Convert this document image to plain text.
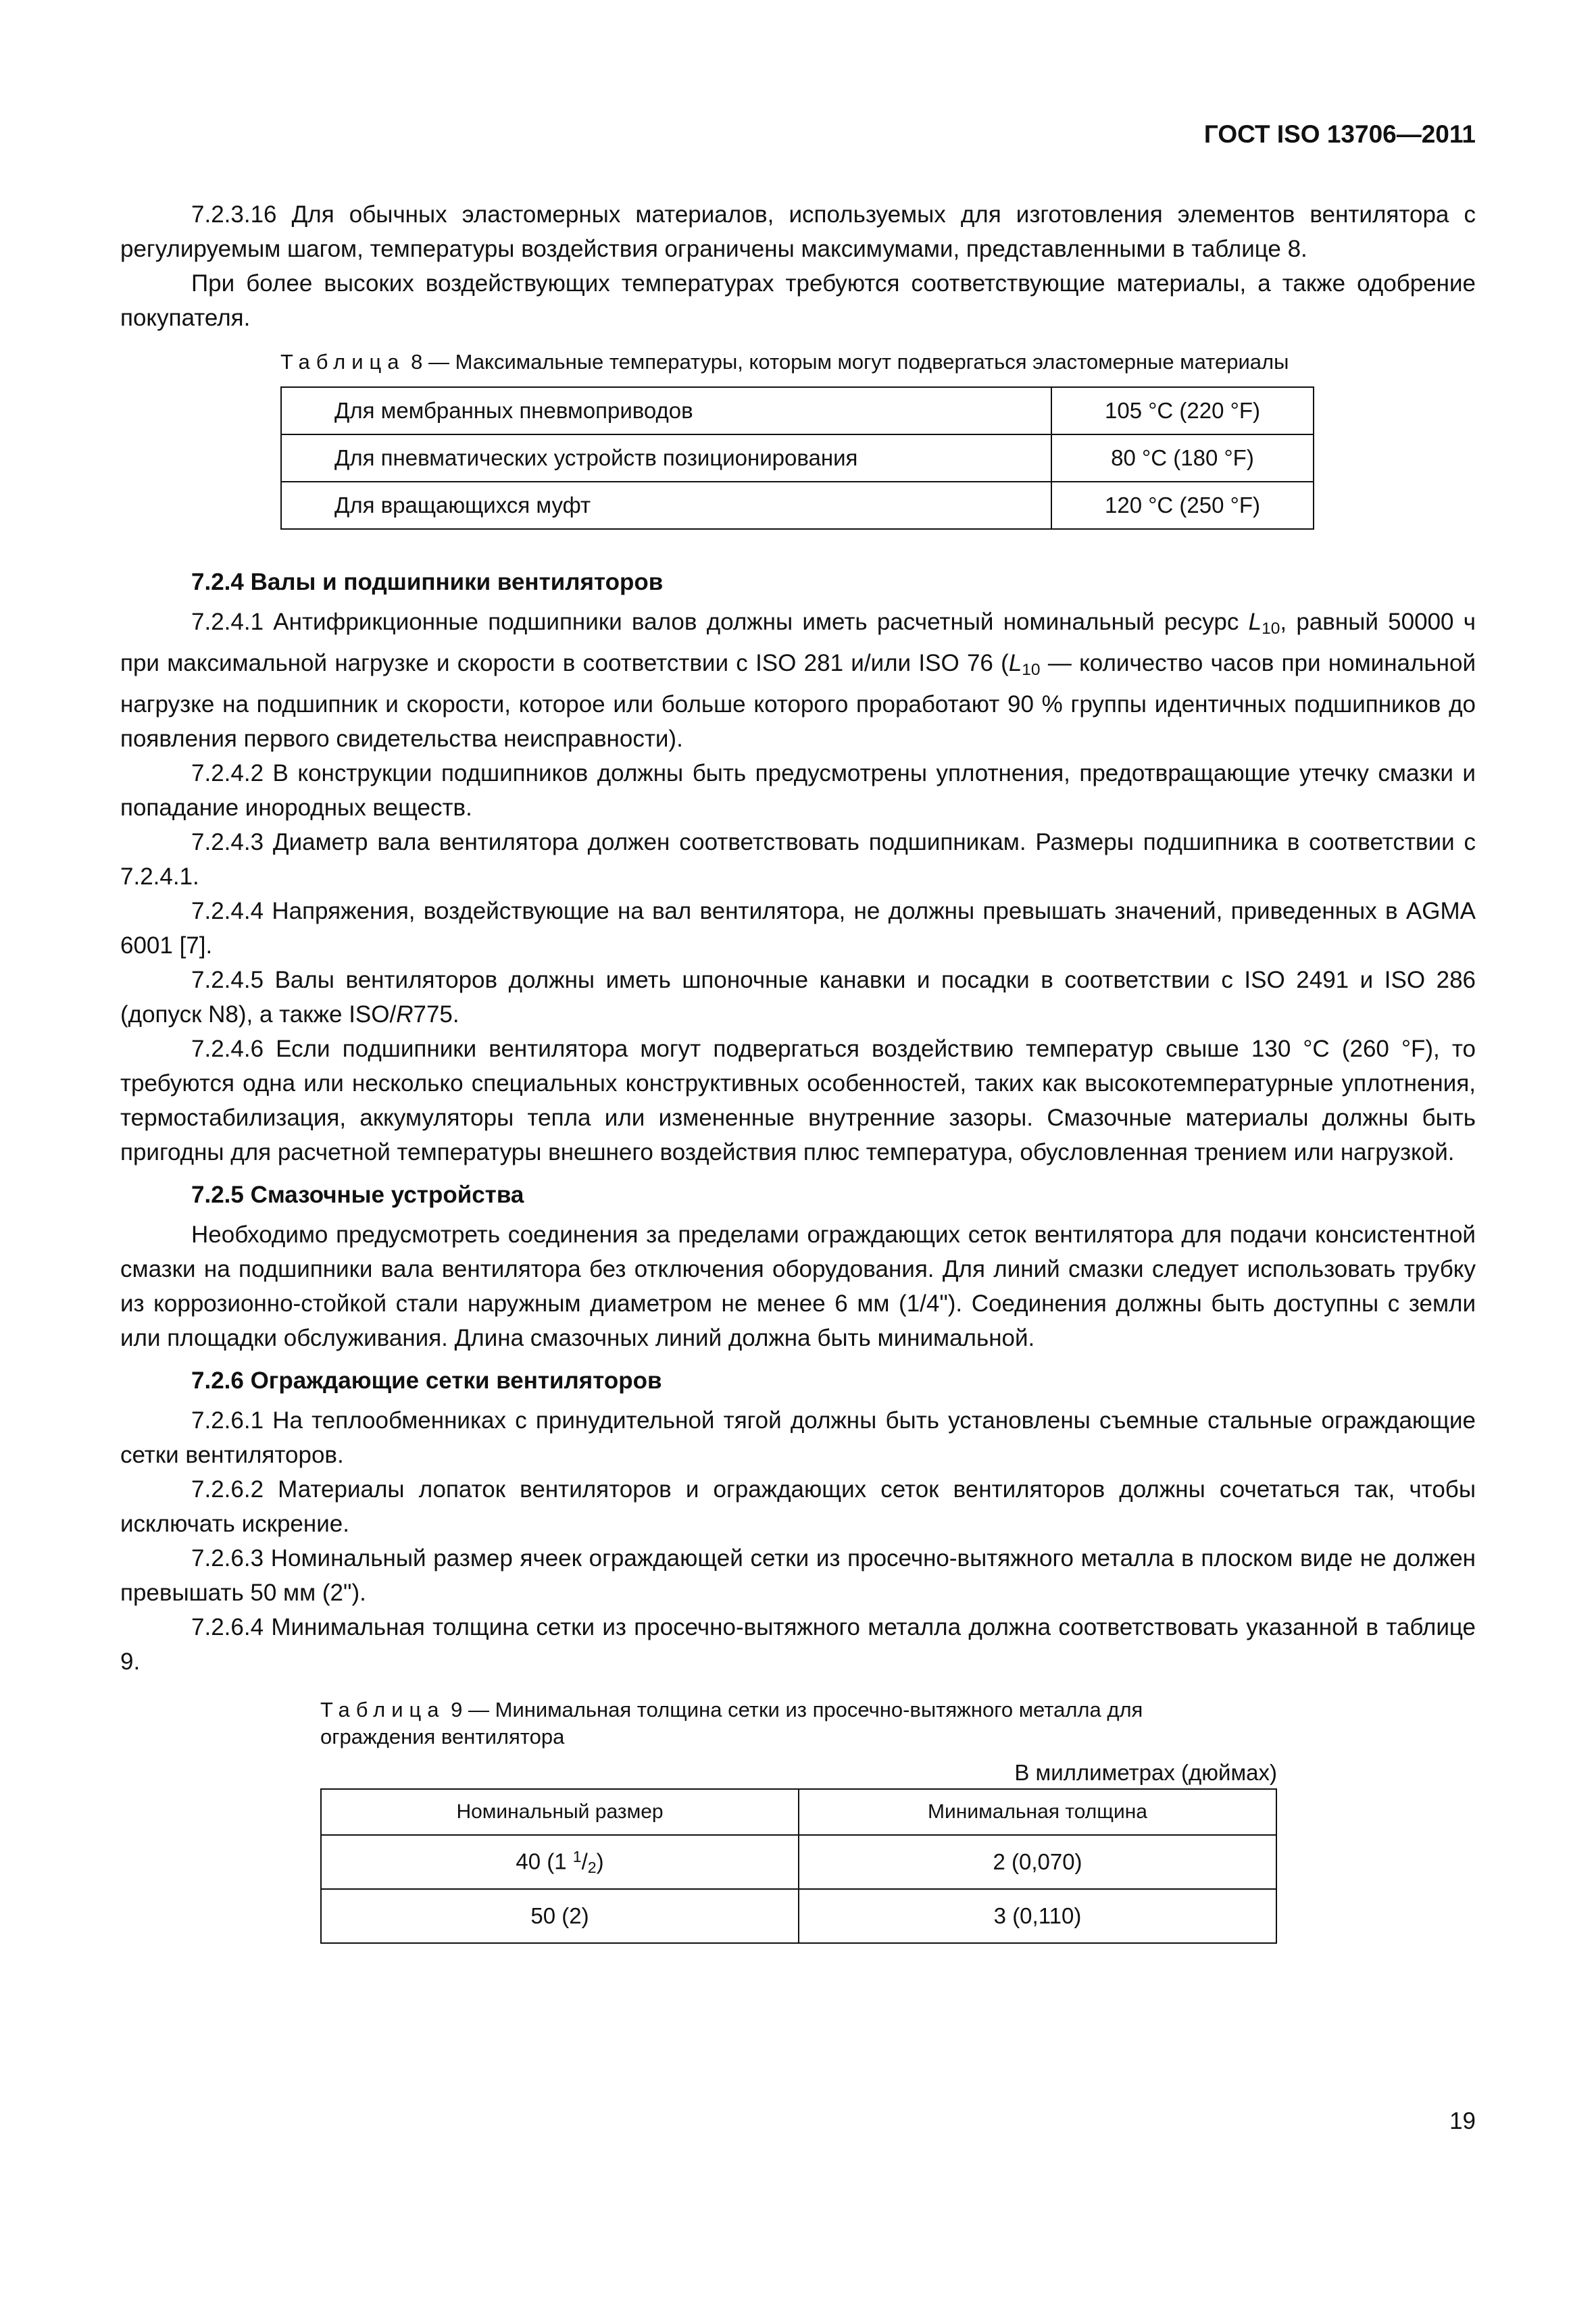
ГОСТ ISO 13706—2011

7.2.3.16 Для обычных эластомерных материалов, используемых для изготовления элементов вентилятора с регулируемым шагом, температуры воздействия ограничены максимумами, представленными в таблице 8.

При более высоких воздействующих температурах требуются соответствующие материалы, а также одобрение покупателя.

Таблица 8 — Максимальные температуры, которым могут подвергаться эластомерные материалы

Для мембранных пневмоприводов	105 °С (220 °F)
Для пневматических устройств позиционирования	80 °С (180 °F)
Для вращающихся муфт	120 °С (250 °F)

7.2.4 Валы и подшипники вентиляторов

7.2.4.1 Антифрикционные подшипники валов должны иметь расчетный номинальный ресурс $L_{10}$, равный 50000 ч при максимальной нагрузке и скорости в соответствии с ISO 281 и/или ISO 76 ($L_{10}$ — количество часов при номинальной нагрузке на подшипник и скорости, которое или больше которого проработают 90 % группы идентичных подшипников до появления первого свидетельства неисправности).

7.2.4.2 В конструкции подшипников должны быть предусмотрены уплотнения, предотвращающие утечку смазки и попадание инородных веществ.

7.2.4.3 Диаметр вала вентилятора должен соответствовать подшипникам. Размеры подшипника в соответствии с 7.2.4.1.

7.2.4.4 Напряжения, воздействующие на вал вентилятора, не должны превышать значений, приведенных в AGMA 6001 [7].

7.2.4.5 Валы вентиляторов должны иметь шпоночные канавки и посадки в соответствии с ISO 2491 и ISO 286 (допуск N8), а также ISO/R775.

7.2.4.6 Если подшипники вентилятора могут подвергаться воздействию температур свыше 130 °С (260 °F), то требуются одна или несколько специальных конструктивных особенностей, таких как высокотемпературные уплотнения, термостабилизация, аккумуляторы тепла или измененные внутренние зазоры. Смазочные материалы должны быть пригодны для расчетной температуры внешнего воздействия плюс температура, обусловленная трением или нагрузкой.

7.2.5 Смазочные устройства

Необходимо предусмотреть соединения за пределами ограждающих сеток вентилятора для подачи консистентной смазки на подшипники вала вентилятора без отключения оборудования. Для линий смазки следует использовать трубку из коррозионно-стойкой стали наружным диаметром не менее 6 мм (1/4"). Соединения должны быть доступны с земли или площадки обслуживания. Длина смазочных линий должна быть минимальной.

7.2.6 Ограждающие сетки вентиляторов

7.2.6.1 На теплообменниках с принудительной тягой должны быть установлены съемные стальные ограждающие сетки вентиляторов.

7.2.6.2 Материалы лопаток вентиляторов и ограждающих сеток вентиляторов должны сочетаться так, чтобы исключать искрение.

7.2.6.3 Номинальный размер ячеек ограждающей сетки из просечно-вытяжного металла в плоском виде не должен превышать 50 мм (2").

7.2.6.4 Минимальная толщина сетки из просечно-вытяжного металла должна соответствовать указанной в таблице 9.

Таблица 9 — Минимальная толщина сетки из просечно-вытяжного металла для ограждения вентилятора

В миллиметрах (дюймах)
Номинальный размер	Минимальная толщина
40 (1 $^1/_2$)	2 (0,070)
50 (2)	3 (0,110)
19
